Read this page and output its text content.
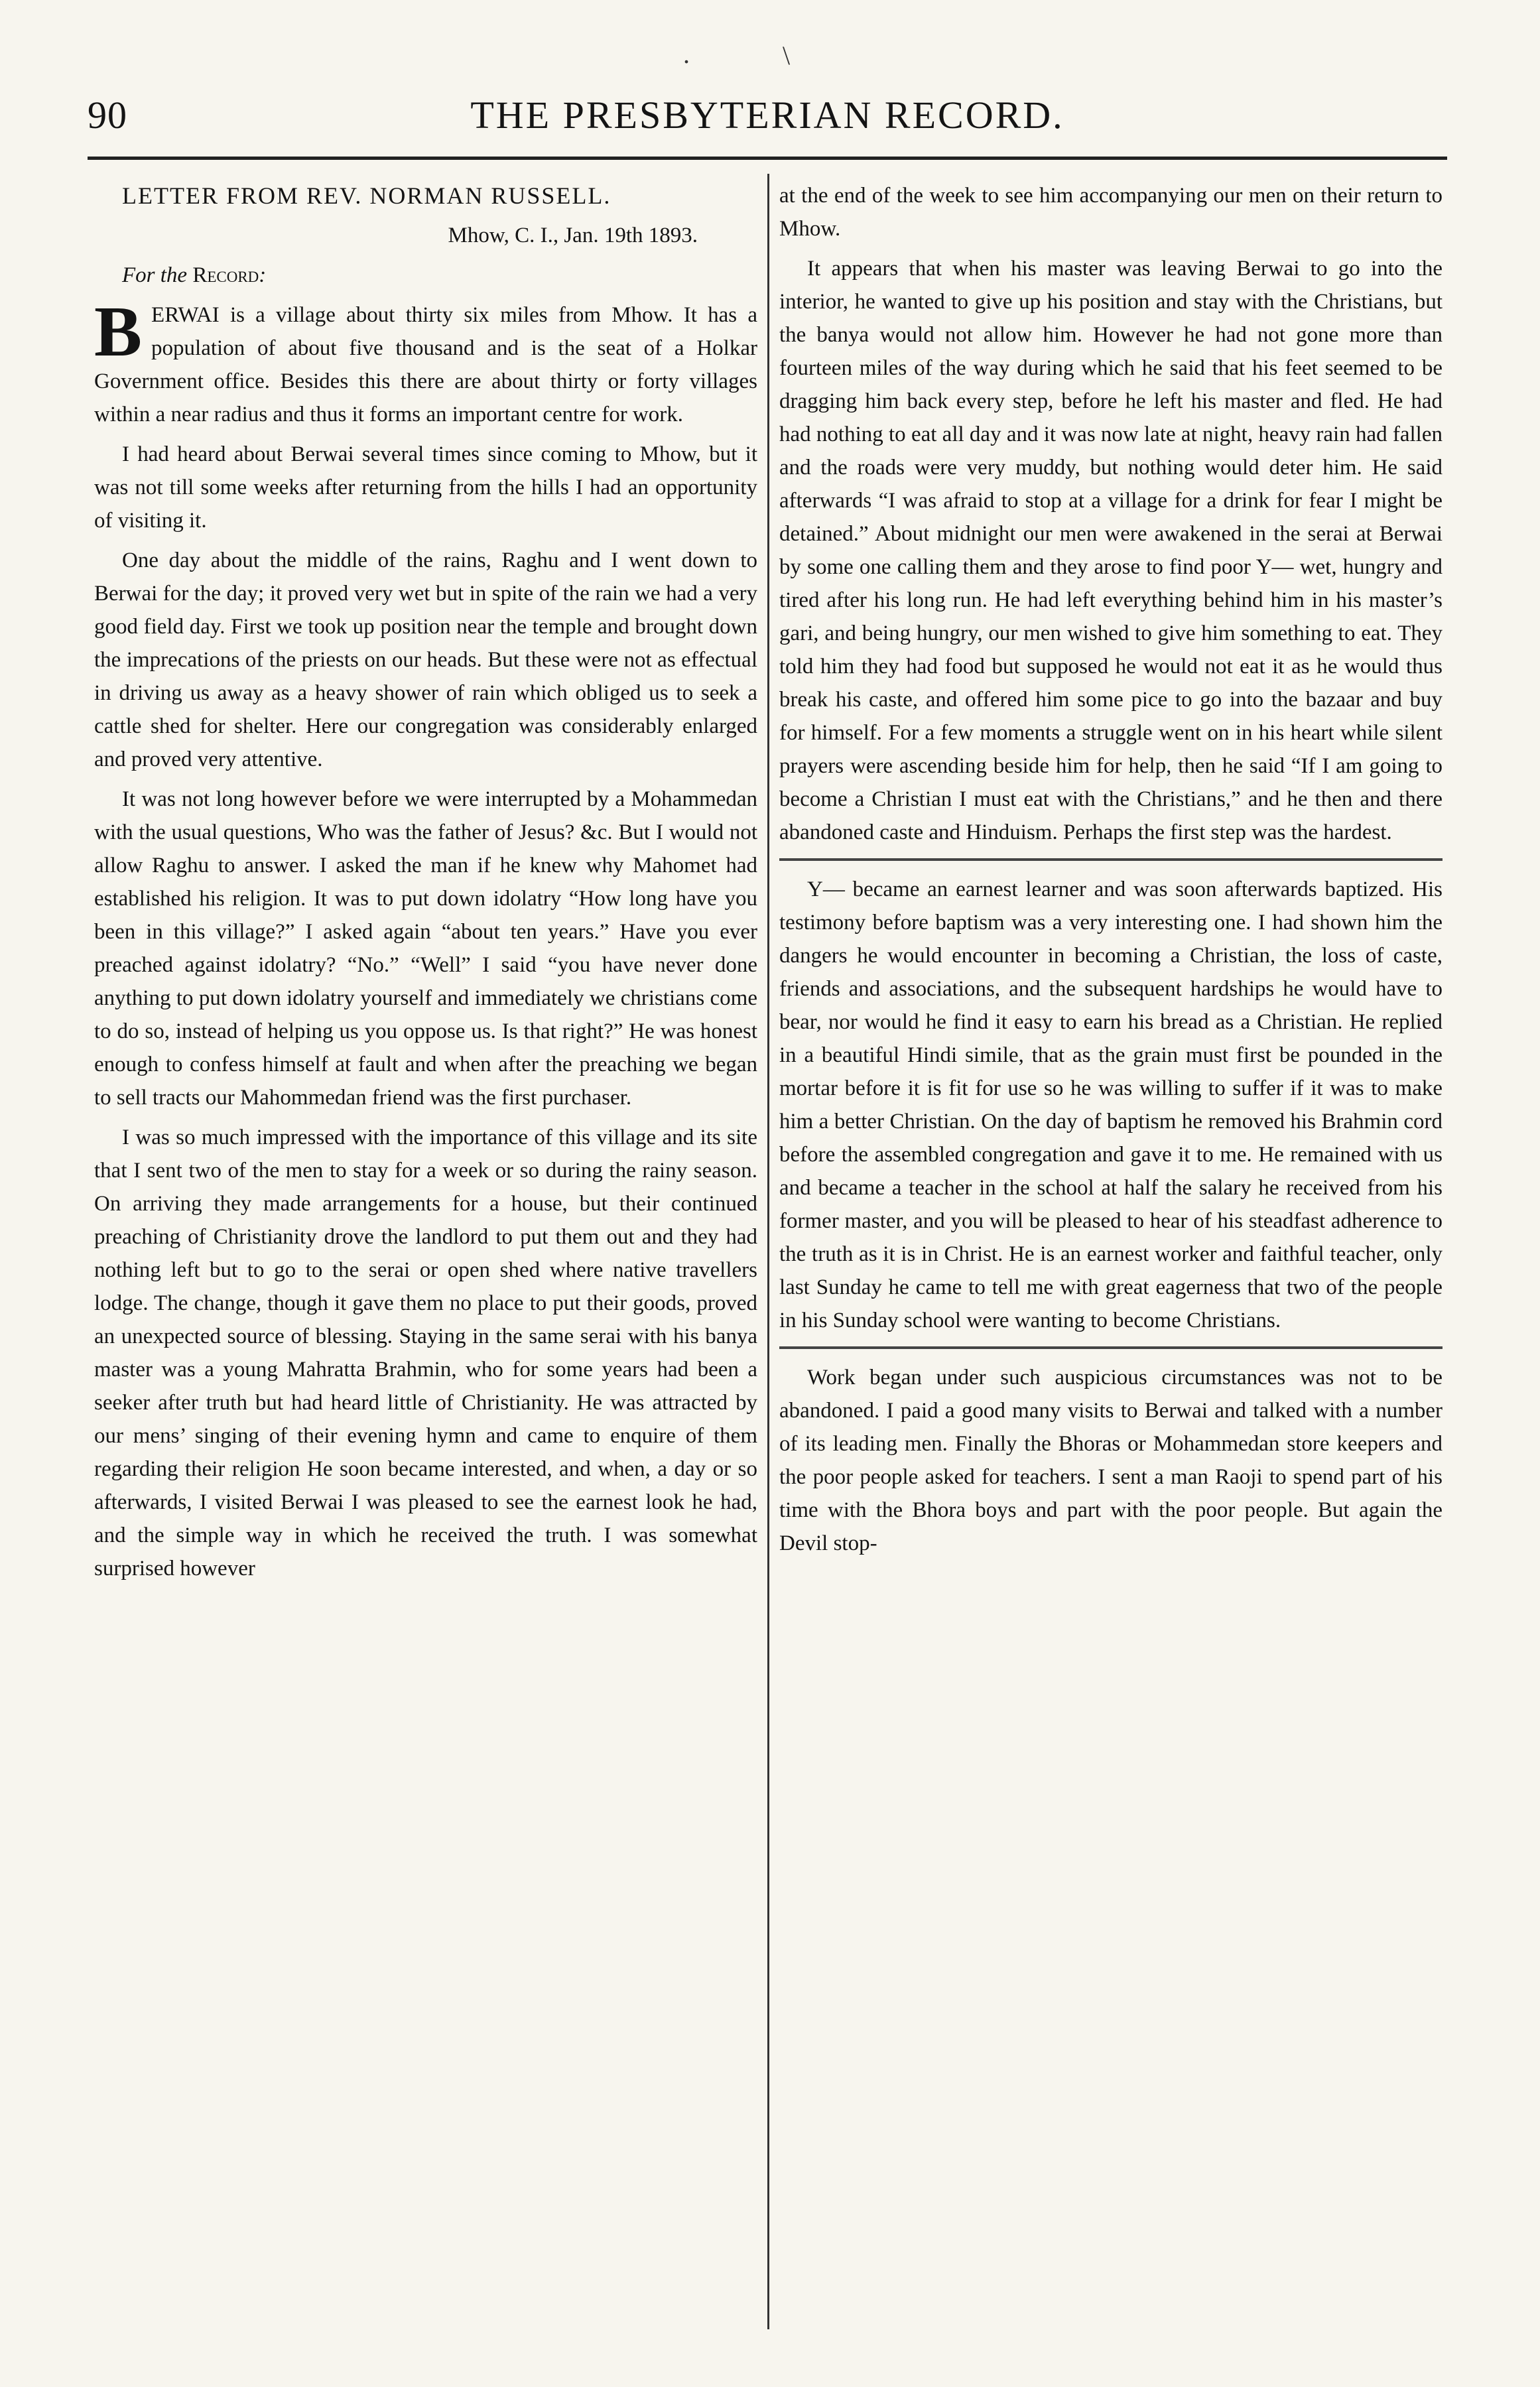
.	\
90	THE PRESBYTERIAN RECORD.

LETTER FROM REV. NORMAN RUSSELL.

Mhow, C. I., Jan. 19th 1893.

For the Record:

BERWAI is a village about thirty six miles from Mhow. It has a population of about five thousand and is the seat of a Holkar Government office. Besides this there are about thirty or forty villages within a near radius and thus it forms an important centre for work.

I had heard about Berwai several times since coming to Mhow, but it was not till some weeks after returning from the hills I had an opportunity of visiting it.

One day about the middle of the rains, Raghu and I went down to Berwai for the day; it proved very wet but in spite of the rain we had a very good field day. First we took up position near the temple and brought down the imprecations of the priests on our heads. But these were not as effectual in driving us away as a heavy shower of rain which obliged us to seek a cattle shed for shelter. Here our congregation was considerably enlarged and proved very attentive.

It was not long however before we were interrupted by a Mohammedan with the usual questions, Who was the father of Jesus? &c. But I would not allow Raghu to answer. I asked the man if he knew why Mahomet had established his religion. It was to put down idolatry “How long have you been in this village?” I asked again “about ten years.” Have you ever preached against idolatry? “No.” “Well” I said “you have never done anything to put down idolatry yourself and immediately we christians come to do so, instead of helping us you oppose us. Is that right?” He was honest enough to confess himself at fault and when after the preaching we began to sell tracts our Mahommedan friend was the first purchaser.

I was so much impressed with the importance of this village and its site that I sent two of the men to stay for a week or so during the rainy season. On arriving they made arrangements for a house, but their continued preaching of Christianity drove the landlord to put them out and they had nothing left but to go to the serai or open shed where native travellers lodge. The change, though it gave them no place to put their goods, proved an unexpected source of blessing. Staying in the same serai with his banya master was a young Mahratta Brahmin, who for some years had been a seeker after truth but had heard little of Christianity. He was attracted by our mens’ singing of their evening hymn and came to enquire of them regarding their religion He soon became interested, and when, a day or so afterwards, I visited Berwai I was pleased to see the earnest look he had, and the simple way in which he received the truth. I was somewhat surprised however

at the end of the week to see him accompanying our men on their return to Mhow.

It appears that when his master was leaving Berwai to go into the interior, he wanted to give up his position and stay with the Christians, but the banya would not allow him. However he had not gone more than fourteen miles of the way during which he said that his feet seemed to be dragging him back every step, before he left his master and fled. He had had nothing to eat all day and it was now late at night, heavy rain had fallen and the roads were very muddy, but nothing would deter him. He said afterwards “I was afraid to stop at a village for a drink for fear I might be detained.” About midnight our men were awakened in the serai at Berwai by some one calling them and they arose to find poor Y— wet, hungry and tired after his long run. He had left everything behind him in his master’s gari, and being hungry, our men wished to give him something to eat. They told him they had food but supposed he would not eat it as he would thus break his caste, and offered him some pice to go into the bazaar and buy for himself. For a few moments a struggle went on in his heart while silent prayers were ascending beside him for help, then he said “If I am going to become a Christian I must eat with the Christians,” and he then and there abandoned caste and Hinduism. Perhaps the first step was the hardest.

Y— became an earnest learner and was soon afterwards baptized. His testimony before baptism was a very interesting one. I had shown him the dangers he would encounter in becoming a Christian, the loss of caste, friends and associations, and the subsequent hardships he would have to bear, nor would he find it easy to earn his bread as a Christian. He replied in a beautiful Hindi simile, that as the grain must first be pounded in the mortar before it is fit for use so he was willing to suffer if it was to make him a better Christian. On the day of baptism he removed his Brahmin cord before the assembled congregation and gave it to me. He remained with us and became a teacher in the school at half the salary he received from his former master, and you will be pleased to hear of his steadfast adherence to the truth as it is in Christ. He is an earnest worker and faithful teacher, only last Sunday he came to tell me with great eagerness that two of the people in his Sunday school were wanting to become Christians.

Work began under such auspicious circumstances was not to be abandoned. I paid a good many visits to Berwai and talked with a number of its leading men. Finally the Bhoras or Mohammedan store keepers and the poor people asked for teachers. I sent a man Raoji to spend part of his time with the Bhora boys and part with the poor people. But again the Devil stop-
